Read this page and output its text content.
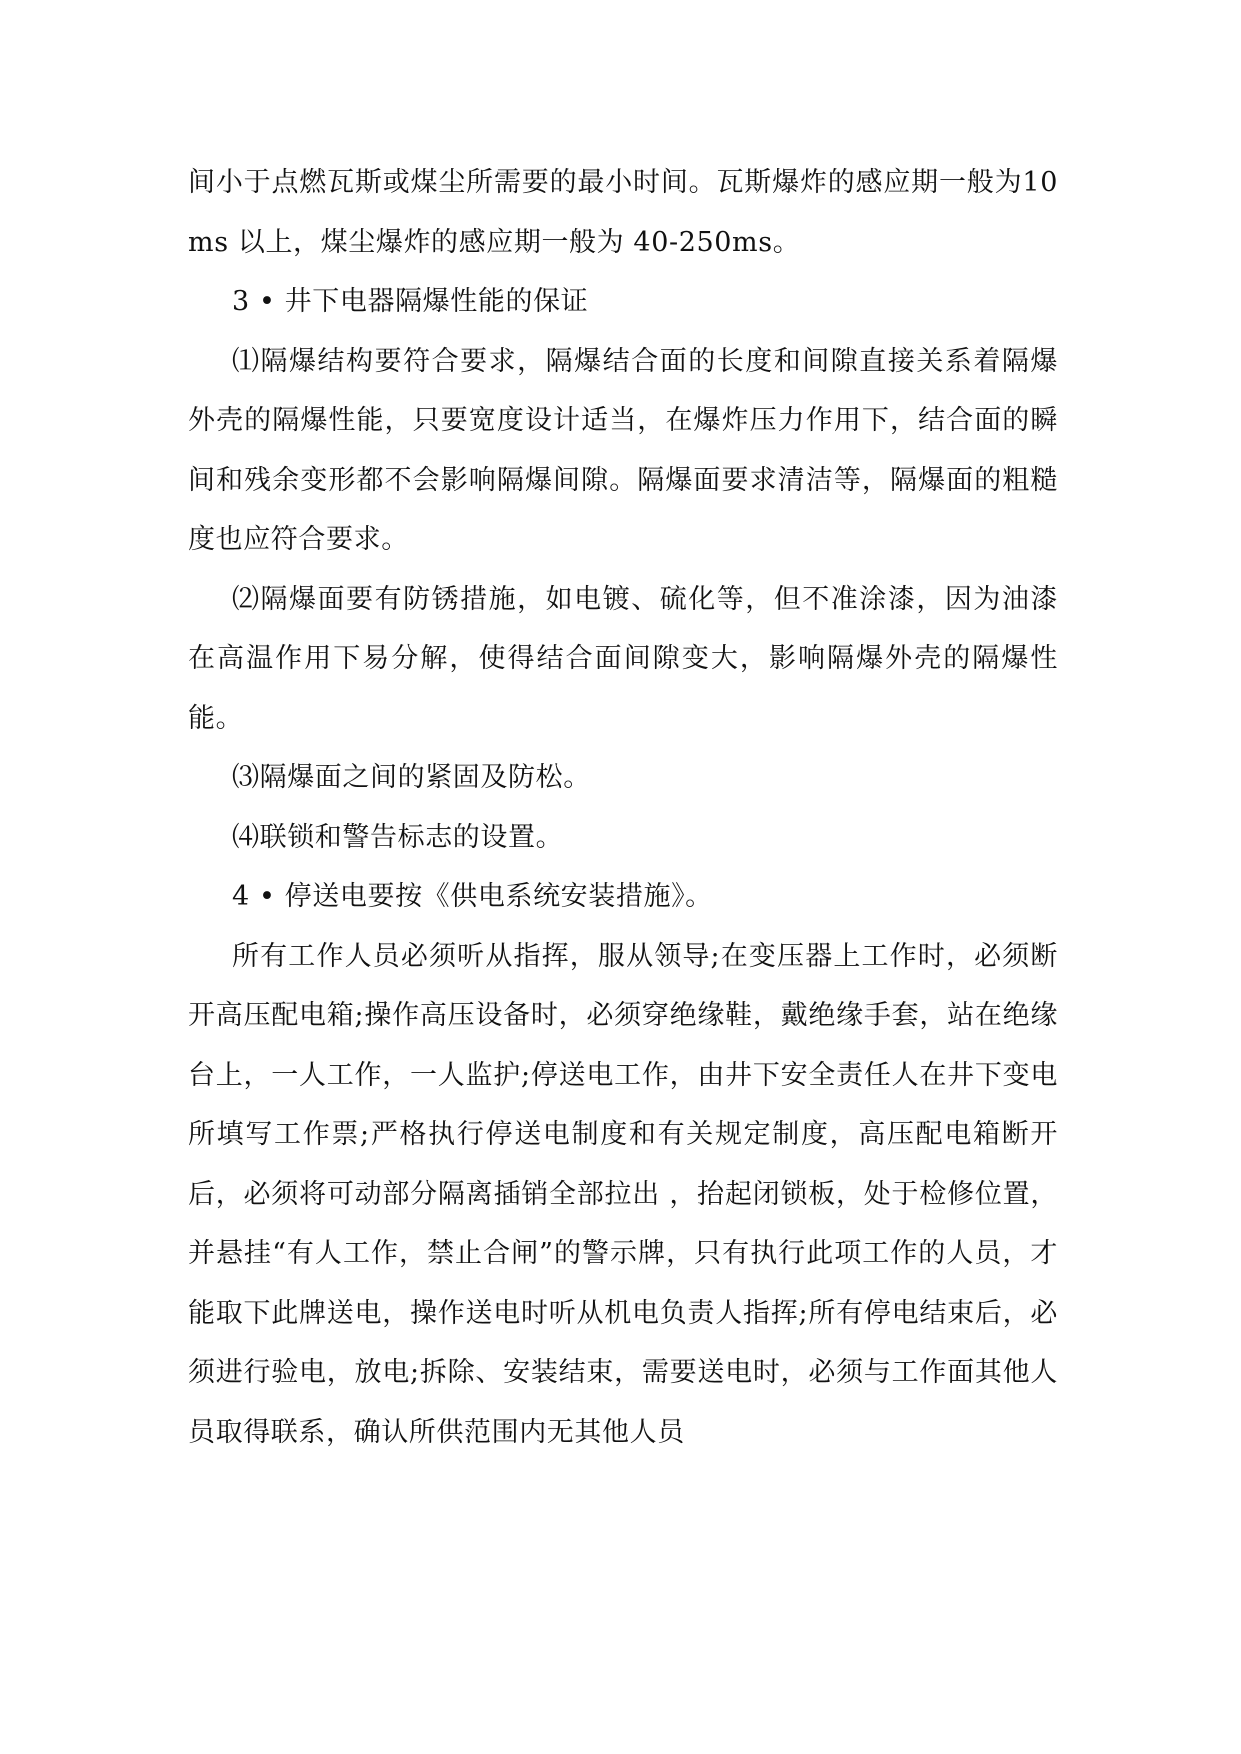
间小于点燃瓦斯或煤尘所需要的最小时间。瓦斯爆炸的感应期一般为10ms 以上，煤尘爆炸的感应期一般为 40-250ms。

3 • 井下电器隔爆性能的保证

⑴隔爆结构要符合要求，隔爆结合面的长度和间隙直接关系着隔爆外壳的隔爆性能，只要宽度设计适当，在爆炸压力作用下，结合面的瞬间和残余变形都不会影响隔爆间隙。隔爆面要求清洁等，隔爆面的粗糙度也应符合要求。

⑵隔爆面要有防锈措施，如电镀、硫化等，但不准涂漆，因为油漆在高温作用下易分解，使得结合面间隙变大，影响隔爆外壳的隔爆性能。

⑶隔爆面之间的紧固及防松。

⑷联锁和警告标志的设置。

4 • 停送电要按《供电系统安装措施》。

所有工作人员必须听从指挥，服从领导;在变压器上工作时，必须断开高压配电箱;操作高压设备时，必须穿绝缘鞋，戴绝缘手套，站在绝缘台上，一人工作，一人监护;停送电工作，由井下安全责任人在井下变电所填写工作票;严格执行停送电制度和有关规定制度，高压配电箱断开后，必须将可动部分隔离插销全部拉出 ，抬起闭锁板，处于检修位置，并悬挂“有人工作，禁止合闸”的警示牌，只有执行此项工作的人员，才能取下此牌送电，操作送电时听从机电负责人指挥;所有停电结束后，必须进行验电，放电;拆除、安装结束，需要送电时，必须与工作面其他人员取得联系，确认所供范围内无其他人员
